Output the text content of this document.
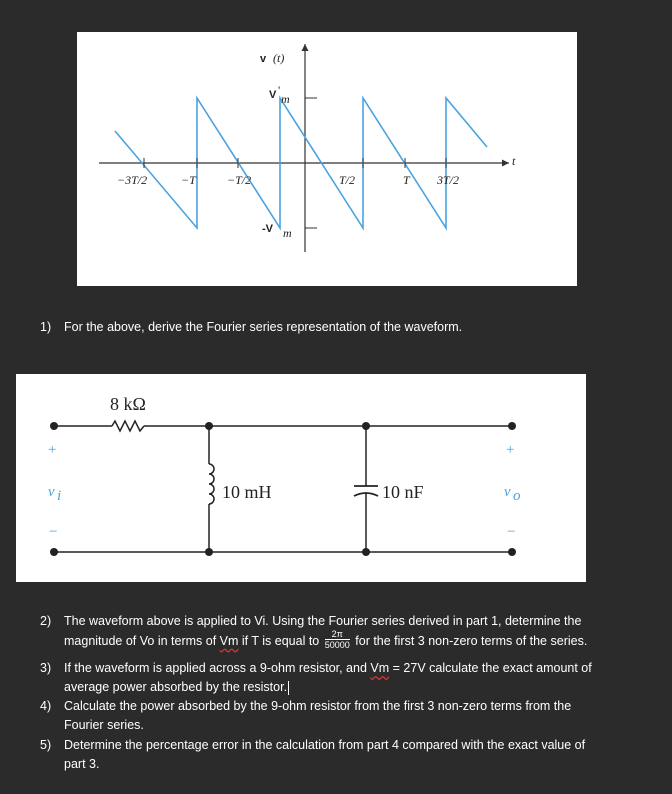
−3T/2	−T	−T/2	T/2	T 3T/2
v (t)
t
V '
m
-V m
1) For the above, derive the Fourier series representation of the waveform.
8 kΩ
10 mH	10 nF
+
v i
−
+
v o
−
2) The waveform above is applied to Vi. Using the Fourier series derived in part 1, determine the
magnitude of Vo in terms of Vm if T is equal to $\frac{2\pi}{50000}$ for the first 3 non-zero terms of the series.
3) If the waveform is applied across a 9-ohm resistor, and Vm = 27V calculate the exact amount of
average power absorbed by the resistor.
4) Calculate the power absorbed by the 9-ohm resistor from the first 3 non-zero terms from the
Fourier series.
5) Determine the percentage error in the calculation from part 4 compared with the exact value of
part 3.
